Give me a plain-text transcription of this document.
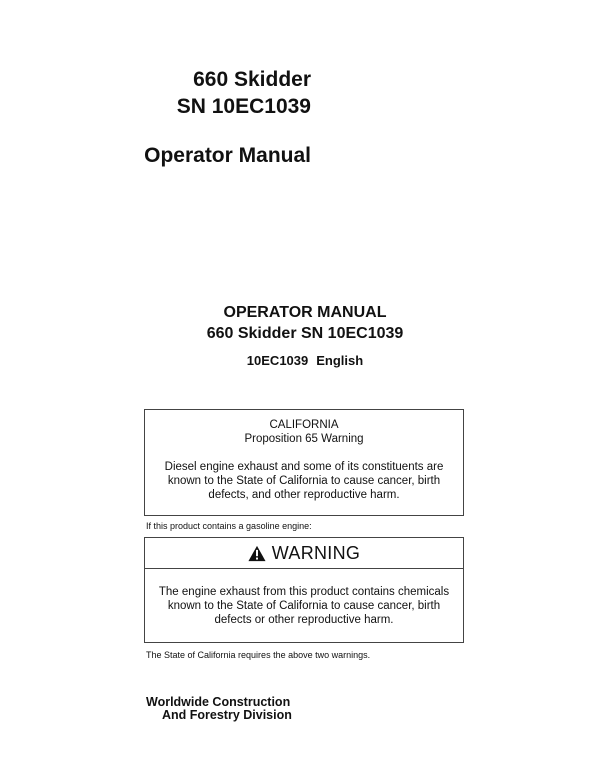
660 Skidder
SN 10EC1039
Operator Manual
OPERATOR MANUAL
660 Skidder SN 10EC1039
10EC1039 English
CALIFORNIA
Proposition 65 Warning
Diesel engine exhaust and some of its constituents are
known to the State of California to cause cancer, birth
defects, and other reproductive harm.
If this product contains a gasoline engine:
WARNING
The engine exhaust from this product contains chemicals
known to the State of California to cause cancer, birth
defects or other reproductive harm.
The State of California requires the above two warnings.
Worldwide Construction
And Forestry Division
